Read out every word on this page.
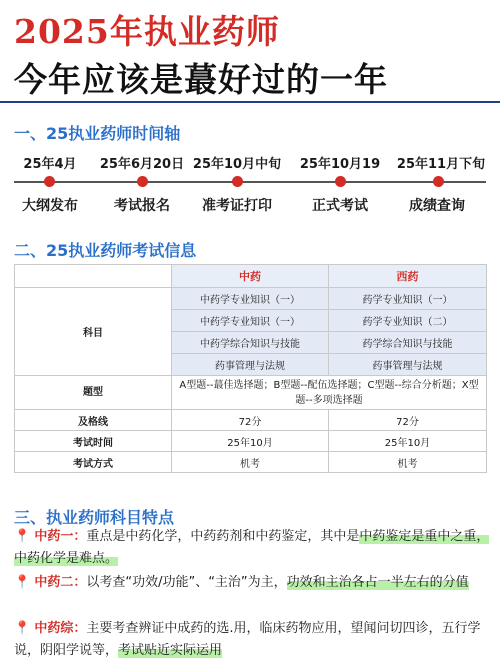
2025年执业药师
今年应该是蕞好过的一年
一、25执业药师时间轴
25年4月
大纲发布
25年6月20日
考试报名
25年10月中旬
准考证打印
25年10月19
正式考试
25年11月下旬
成绩查询
二、25执业药师考试信息
	中药	西药
科目	中药学专业知识（一）	药学专业知识（一）
	中药学专业知识（一）	药学专业知识（二）
	中药学综合知识与技能	药学综合知识与技能
	药事管理与法规	药事管理与法规
题型	A型题--蕞佳选择题；B型题--配伍选择题；C型题--综合分析题；X型题--多项选择题	
及格线	72分	72分
考试时间	25年10月	25年10月
考试方式	机考	机考
三、执业药师科目特点
📍 中药一：重点是中药化学，中药药剂和中药鉴定，其中是中药鉴定是重中之重，中药化学是难点。
📍 中药二：以考查“功效/功能”、“主治”为主，功效和主治各占一半左右的分值
📍 中药综：主要考查辨证中成药的选.用，临床药物应用，望闻问切四诊，五行学说，阴阳学说等，考试贴近实际运用
